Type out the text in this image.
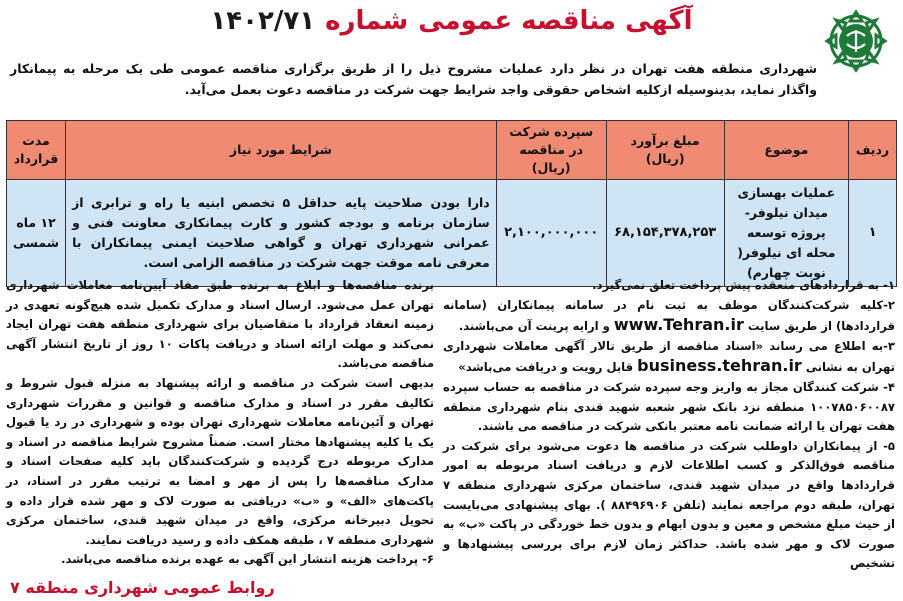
آگهی مناقصه عمومیشماره۱۴۰۲/۷۱
شهرداری منطقه هفت تهران در نظر دارد عملیات مشروح ذیل را از طریق برگزاری مناقصه عمومی طی یک مرحله به پیمانکار واگذار نماید، بدینوسیله ازکلیه اشخاص حقوقی واجد شرایط جهت شرکت در مناقصه دعوت بعمل می‌آید.
ردیف	موضوع	مبلغ برآورد (ریال)	سپرده شرکت در مناقصه (ریال)	شرایط مورد نیاز	مدت قرارداد
۱	عملیات بهسازی میدان نیلوفر-پروژه توسعه محله ای نیلوفر( نوبت چهارم)	۶۸,۱۵۴,۳۷۸,۲۵۳	۲,۱۰۰,۰۰۰,۰۰۰	دارا بودن صلاحیت پایه حداقل ۵ تخصص ابنیه یا راه و ترابری از سازمان برنامه و بودجه کشور و کارت پیمانکاری معاونت فنی و عمرانی شهرداری تهران و گواهی صلاحیت ایمنی پیمانکاران با معرفی نامه موقت جهت شرکت در مناقصه الزامی است.	۱۲ ماه شمسی

۱- به قراردادهای منعقده پیش پرداخت تعلق نمی‌گیرد.

۲-کلیه شرکت‌کنندگان موظف به ثبت نام در سامانه پیمانکاران (سامانه قراردادها) از طریق سایت www.Tehran.ir و ارایه پرینت آن می‌باشند.

۳-به اطلاع می رساند «اسناد مناقصه از طریق تالار آگهی معاملات شهرداری تهران به نشانی business.tehran.ir قابل رویت و دریافت می‌باشد»

۴- شرکت کنندگان مجاز به واریز وجه سپرده شرکت در مناقصه به حساب سپرده ۱۰۰۷۸۵۰۶۰۰۸۷ منطقه نزد بانک شهر شعبه شهید قندی بنام شهرداری منطقه هفت تهران یا ارائه ضمانت نامه معتبر بانکی شرکت در مناقصه می باشند.

۵- از پیمانکاران داوطلب شرکت در مناقصه ها دعوت می‌شود برای شرکت در مناقصه فوق‌الذکر و کسب اطلاعات لازم و دریافت اسناد مربوطه به امور قراردادها واقع در میدان شهید قندی، ساختمان مرکزی شهرداری منطقه ۷ تهران، طبقه دوم مراجعه نمایند (تلفن ۸۸۴۹۶۹۰۶ ). بهای پیشنهادی می‌بایست از حیث مبلغ مشخص و معین و بدون ابهام و بدون خط خوردگی در پاکت «ب» به صورت لاک و مهر شده باشد. حداکثر زمان لازم برای بررسی پیشنهادها و تشخیص

برنده مناقصه‌ها و ابلاغ به برنده طبق مفاد آیین‌نامه معاملات شهرداری تهران عمل می‌شود. ارسال اسناد و مدارک تکمیل شده هیچ‌گونه تعهدی در زمینه انعقاد قرارداد با متقاضیان برای شهرداری منطقه هفت تهران ایجاد نمی‌کند و مهلت ارائه اسناد و دریافت پاکات ۱۰ روز از تاریخ انتشار آگهی مناقصه می‌باشد.

بدیهی است شرکت در مناقصه و ارائه پیشنهاد به منزله قبول شروط و تکالیف مقرر در اسناد و مدارک مناقصه و قوانین و مقررات شهرداری تهران و آئین‌نامه معاملات شهرداری تهران بوده و شهرداری در رد یا قبول یک یا کلیه پیشنهادها مختار است. ضمناً مشروح شرایط مناقصه در اسناد و مدارک مربوطه درج گردیده و شرکت‌کنندگان باید کلیه صفحات اسناد و مدارک مناقصه‌ها را پس از مهر و امضا به ترتیب مقرر در اسناد، در پاکت‌های «الف» و «ب» دریافتی به صورت لاک و مهر شده قرار داده و تحویل دبیرخانه مرکزی، واقع در میدان شهید قندی، ساختمان مرکزی شهرداری منطقه ۷ ، طبقه همکف داده و رسید دریافت نمایند.

۶- پرداخت هزینه انتشار این آگهی به عهده برنده مناقصه می‌باشد.

روابط عمومی شهرداری منطقه ۷
